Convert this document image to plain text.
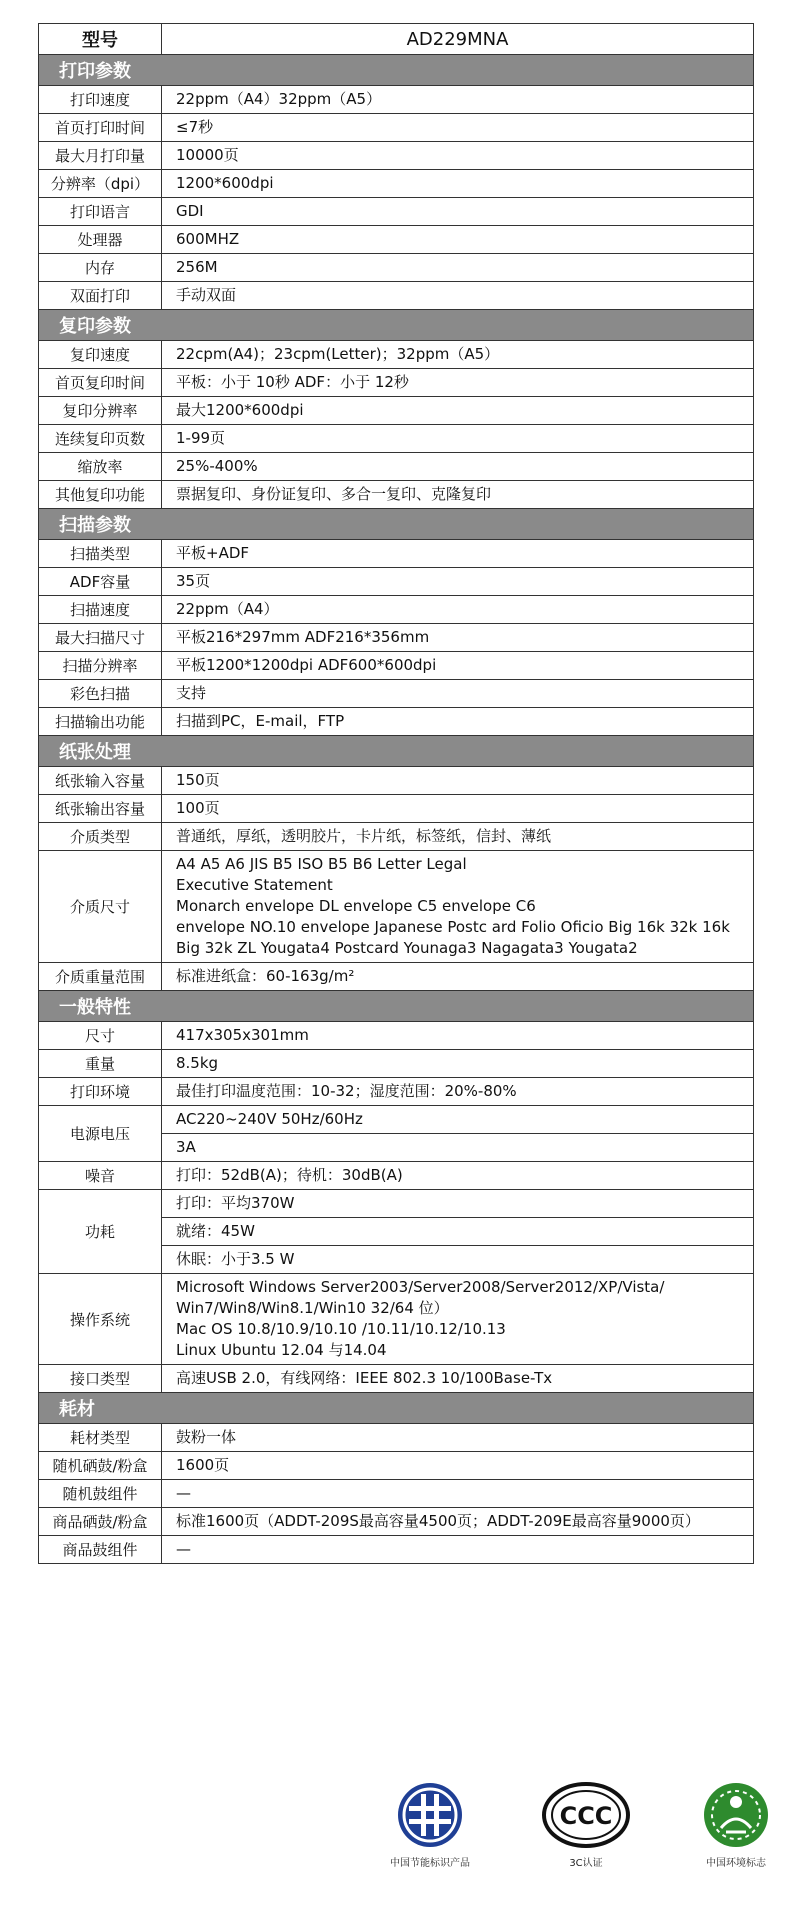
型号	AD229MNA
打印参数	
打印速度	22ppm（A4）32ppm（A5）

首页打印时间	≤7秒

最大月打印量	10000页

分辨率（dpi）	1200*600dpi

打印语言	GDI

处理器	600MHZ

内存	256M

双面打印	手动双面

复印参数	
复印速度	22cpm(A4)；23cpm(Letter)；32ppm（A5）

首页复印时间	平板：小于 10秒 ADF：小于 12秒

复印分辨率	最大1200*600dpi

连续复印页数	1-99页

缩放率	25%-400%

其他复印功能	票据复印、身份证复印、多合一复印、克隆复印

扫描参数	
扫描类型	平板+ADF

ADF容量	35页

扫描速度	22ppm（A4）

最大扫描尺寸	平板216*297mm ADF216*356mm

扫描分辨率	平板1200*1200dpi ADF600*600dpi

彩色扫描	支持

扫描输出功能	扫描到PC，E-mail，FTP

纸张处理	
纸张输入容量	150页

纸张输出容量	100页

介质类型	普通纸，厚纸，透明胶片，卡片纸，标签纸，信封、薄纸

介质尺寸	A4 A5 A6 JIS B5 ISO B5 B6 Letter Legal
Executive Statement
Monarch envelope DL envelope C5 envelope C6
envelope NO.10 envelope Japanese Postc ard Folio Oficio Big 16k 32k 16k
Big 32k ZL Yougata4 Postcard Younaga3 Nagagata3 Yougata2

介质重量范围	标准进纸盒：60-163g/m²

一般特性	
尺寸	417x305x301mm

重量	8.5kg

打印环境	最佳打印温度范围：10-32；湿度范围：20%-80%

电源电压	AC220~240V 50Hz/60Hz

	3A

噪音	打印：52dB(A)；待机：30dB(A)

功耗	打印：平均370W

	就绪：45W

	休眠：小于3.5 W

操作系统	Microsoft Windows Server2003/Server2008/Server2012/XP/Vista/
Win7/Win8/Win8.1/Win10 32/64 位）
Mac OS 10.8/10.9/10.10 /10.11/10.12/10.13
Linux Ubuntu 12.04 与14.04

接口类型	高速USB 2.0，有线网络：IEEE 802.3 10/100Base-Tx

耗材	
耗材类型	鼓粉一体

随机硒鼓/粉盒	1600页

随机鼓组件	—

商品硒鼓/粉盒	标准1600页（ADDT-209S最高容量4500页；ADDT-209E最高容量9000页）

商品鼓组件	—
中国节能标识产品
CCC
3C认证	中国环境标志
